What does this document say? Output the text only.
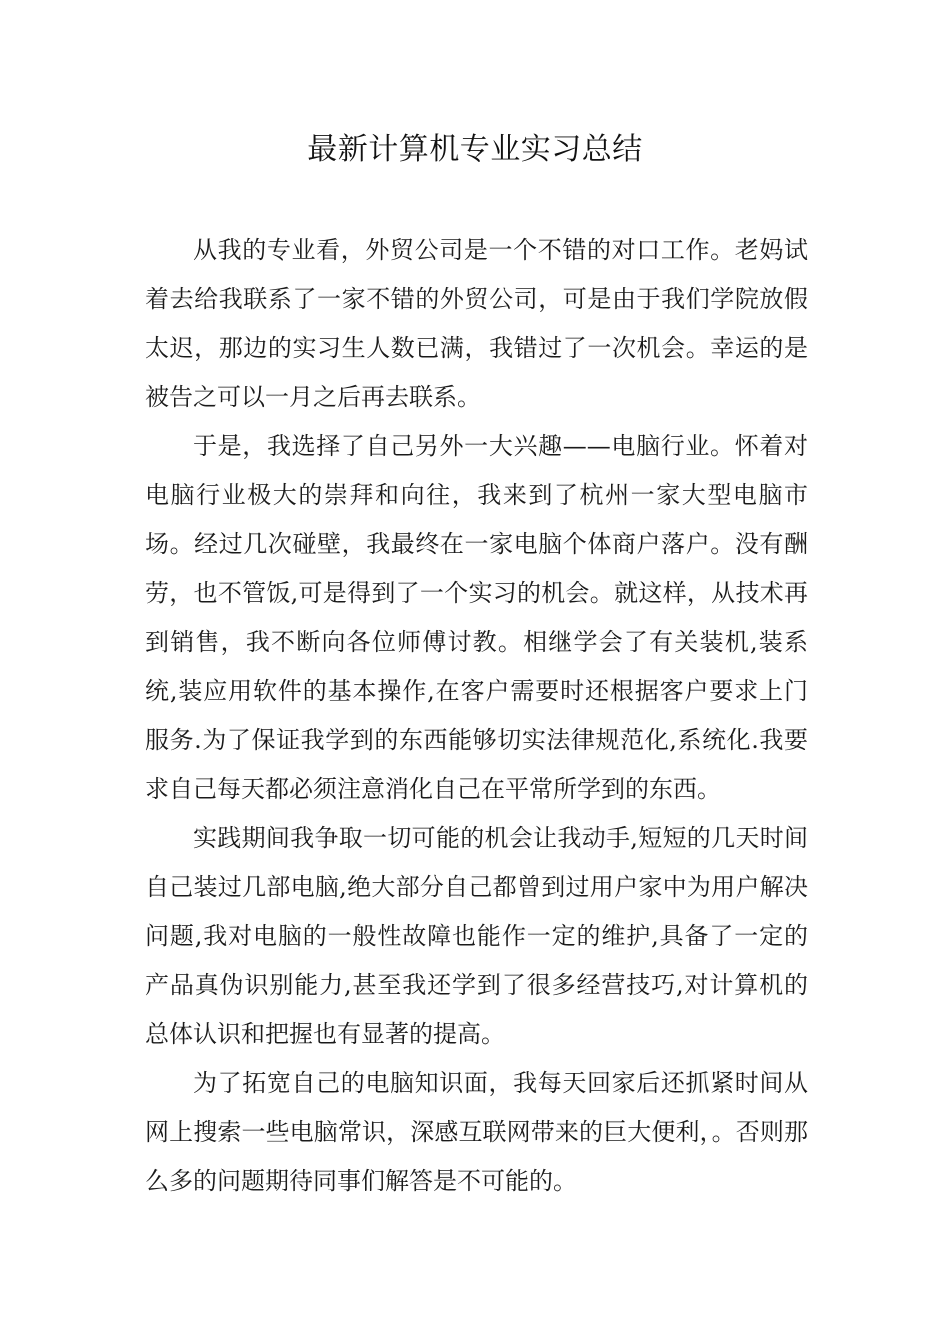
最新计算机专业实习总结

从我的专业看，外贸公司是一个不错的对口工作。老妈试着去给我联系了一家不错的外贸公司，可是由于我们学院放假太迟，那边的实习生人数已满，我错过了一次机会。幸运的是被告之可以一月之后再去联系。

于是，我选择了自己另外一大兴趣——电脑行业。怀着对电脑行业极大的崇拜和向往，我来到了杭州一家大型电脑市场。经过几次碰壁，我最终在一家电脑个体商户落户。没有酬劳，也不管饭,可是得到了一个实习的机会。就这样，从技术再到销售，我不断向各位师傅讨教。相继学会了有关装机,装系统,装应用软件的基本操作,在客户需要时还根据客户要求上门服务.为了保证我学到的东西能够切实法律规范化,系统化.我要求自己每天都必须注意消化自己在平常所学到的东西。

实践期间我争取一切可能的机会让我动手,短短的几天时间自己装过几部电脑,绝大部分自己都曾到过用户家中为用户解决问题,我对电脑的一般性故障也能作一定的维护,具备了一定的产品真伪识别能力,甚至我还学到了很多经营技巧,对计算机的总体认识和把握也有显著的提高。

为了拓宽自己的电脑知识面，我每天回家后还抓紧时间从网上搜索一些电脑常识，深感互联网带来的巨大便利，。否则那么多的问题期待同事们解答是不可能的。
